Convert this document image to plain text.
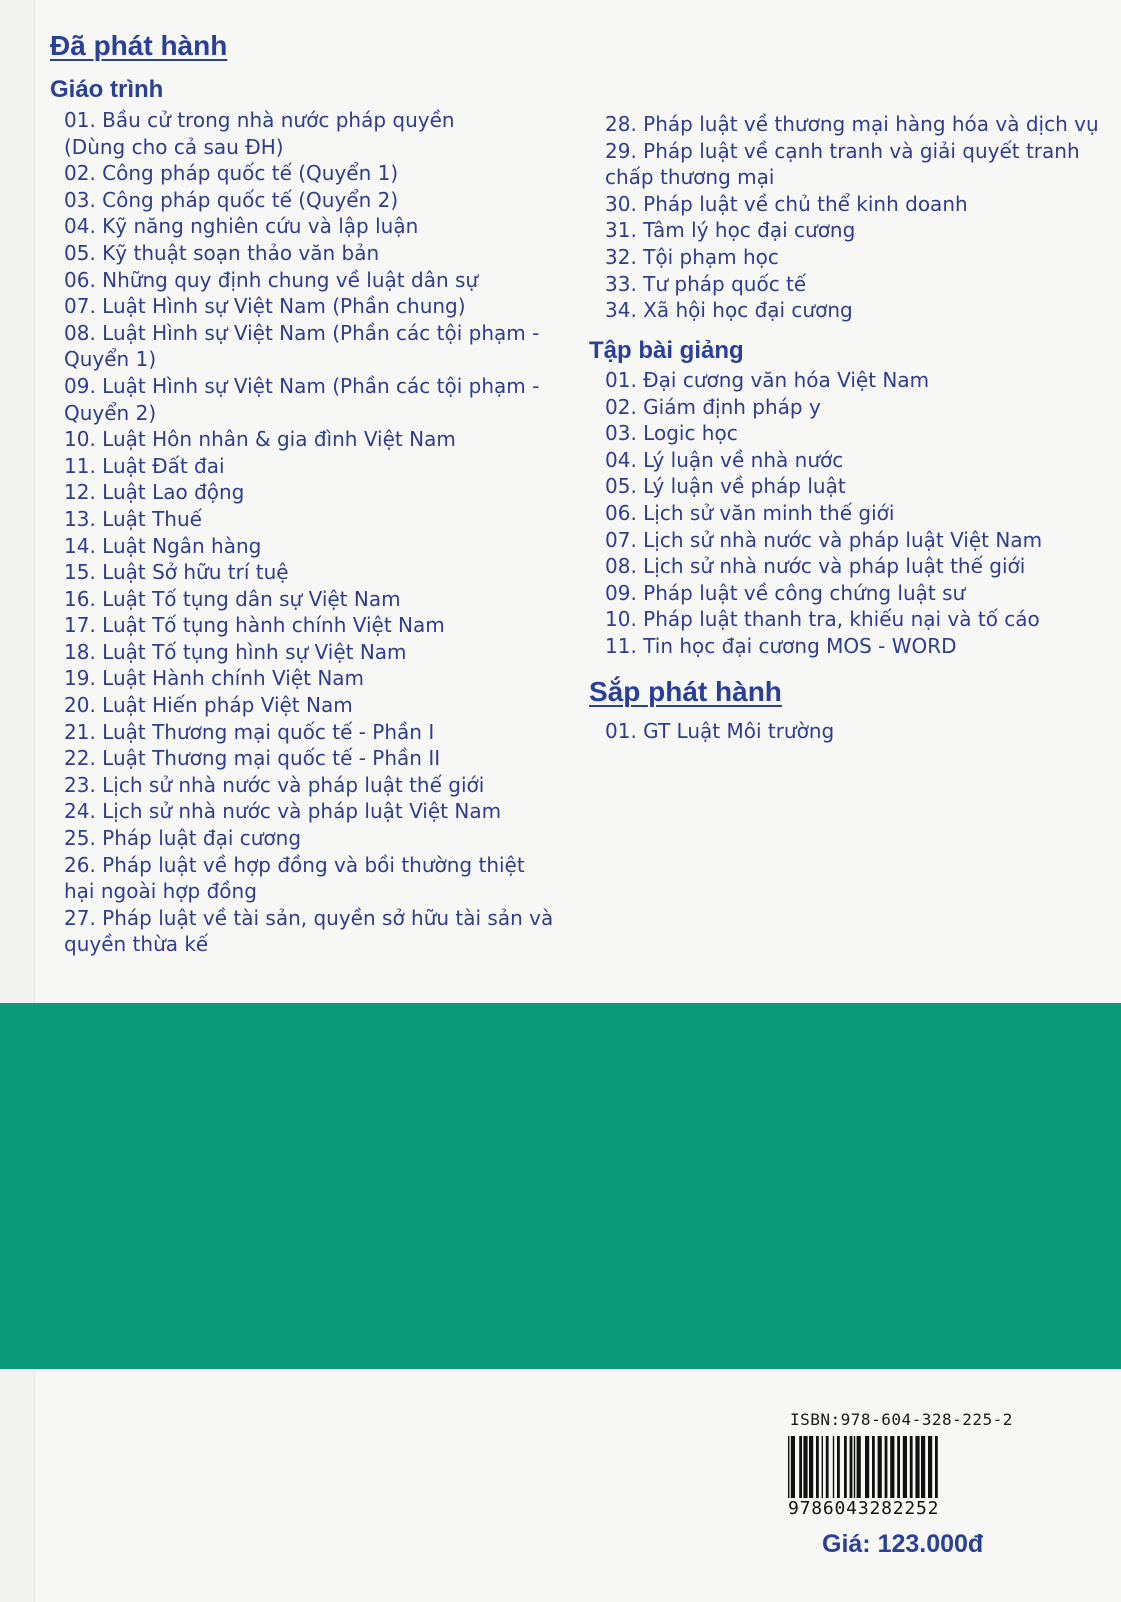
Đã phát hành
Giáo trình
01. Bầu cử trong nhà nước pháp quyền
(Dùng cho cả sau ĐH)
02. Công pháp quốc tế (Quyển 1)
03. Công pháp quốc tế (Quyển 2)
04. Kỹ năng nghiên cứu và lập luận
05. Kỹ thuật soạn thảo văn bản
06. Những quy định chung về luật dân sự
07. Luật Hình sự Việt Nam (Phần chung)
08. Luật Hình sự Việt Nam (Phần các tội phạm -
Quyển 1)
09. Luật Hình sự Việt Nam (Phần các tội phạm -
Quyển 2)
10. Luật Hôn nhân & gia đình Việt Nam
11. Luật Đất đai
12. Luật Lao động
13. Luật Thuế
14. Luật Ngân hàng
15. Luật Sở hữu trí tuệ
16. Luật Tố tụng dân sự Việt Nam
17. Luật Tố tụng hành chính Việt Nam
18. Luật Tố tụng hình sự Việt Nam
19. Luật Hành chính Việt Nam
20. Luật Hiến pháp Việt Nam
21. Luật Thương mại quốc tế - Phần I
22. Luật Thương mại quốc tế - Phần II
23. Lịch sử nhà nước và pháp luật thế giới
24. Lịch sử nhà nước và pháp luật Việt Nam
25. Pháp luật đại cương
26. Pháp luật về hợp đồng và bồi thường thiệt
hại ngoài hợp đồng
27. Pháp luật về tài sản, quyền sở hữu tài sản và
quyền thừa kế
28. Pháp luật về thương mại hàng hóa và dịch vụ
29. Pháp luật về cạnh tranh và giải quyết tranh
chấp thương mại
30. Pháp luật về chủ thể kinh doanh
31. Tâm lý học đại cương
32. Tội phạm học
33. Tư pháp quốc tế
34. Xã hội học đại cương
Tập bài giảng
01. Đại cương văn hóa Việt Nam
02. Giám định pháp y
03. Logic học
04. Lý luận về nhà nước
05. Lý luận về pháp luật
06. Lịch sử văn minh thế giới
07. Lịch sử nhà nước và pháp luật Việt Nam
08. Lịch sử nhà nước và pháp luật thế giới
09. Pháp luật về công chứng luật sư
10. Pháp luật thanh tra, khiếu nại và tố cáo
11. Tin học đại cương MOS - WORD
Sắp phát hành
01. GT Luật Môi trường
ISBN:978-604-328-225-2
9786043282252
Giá: 123.000đ
